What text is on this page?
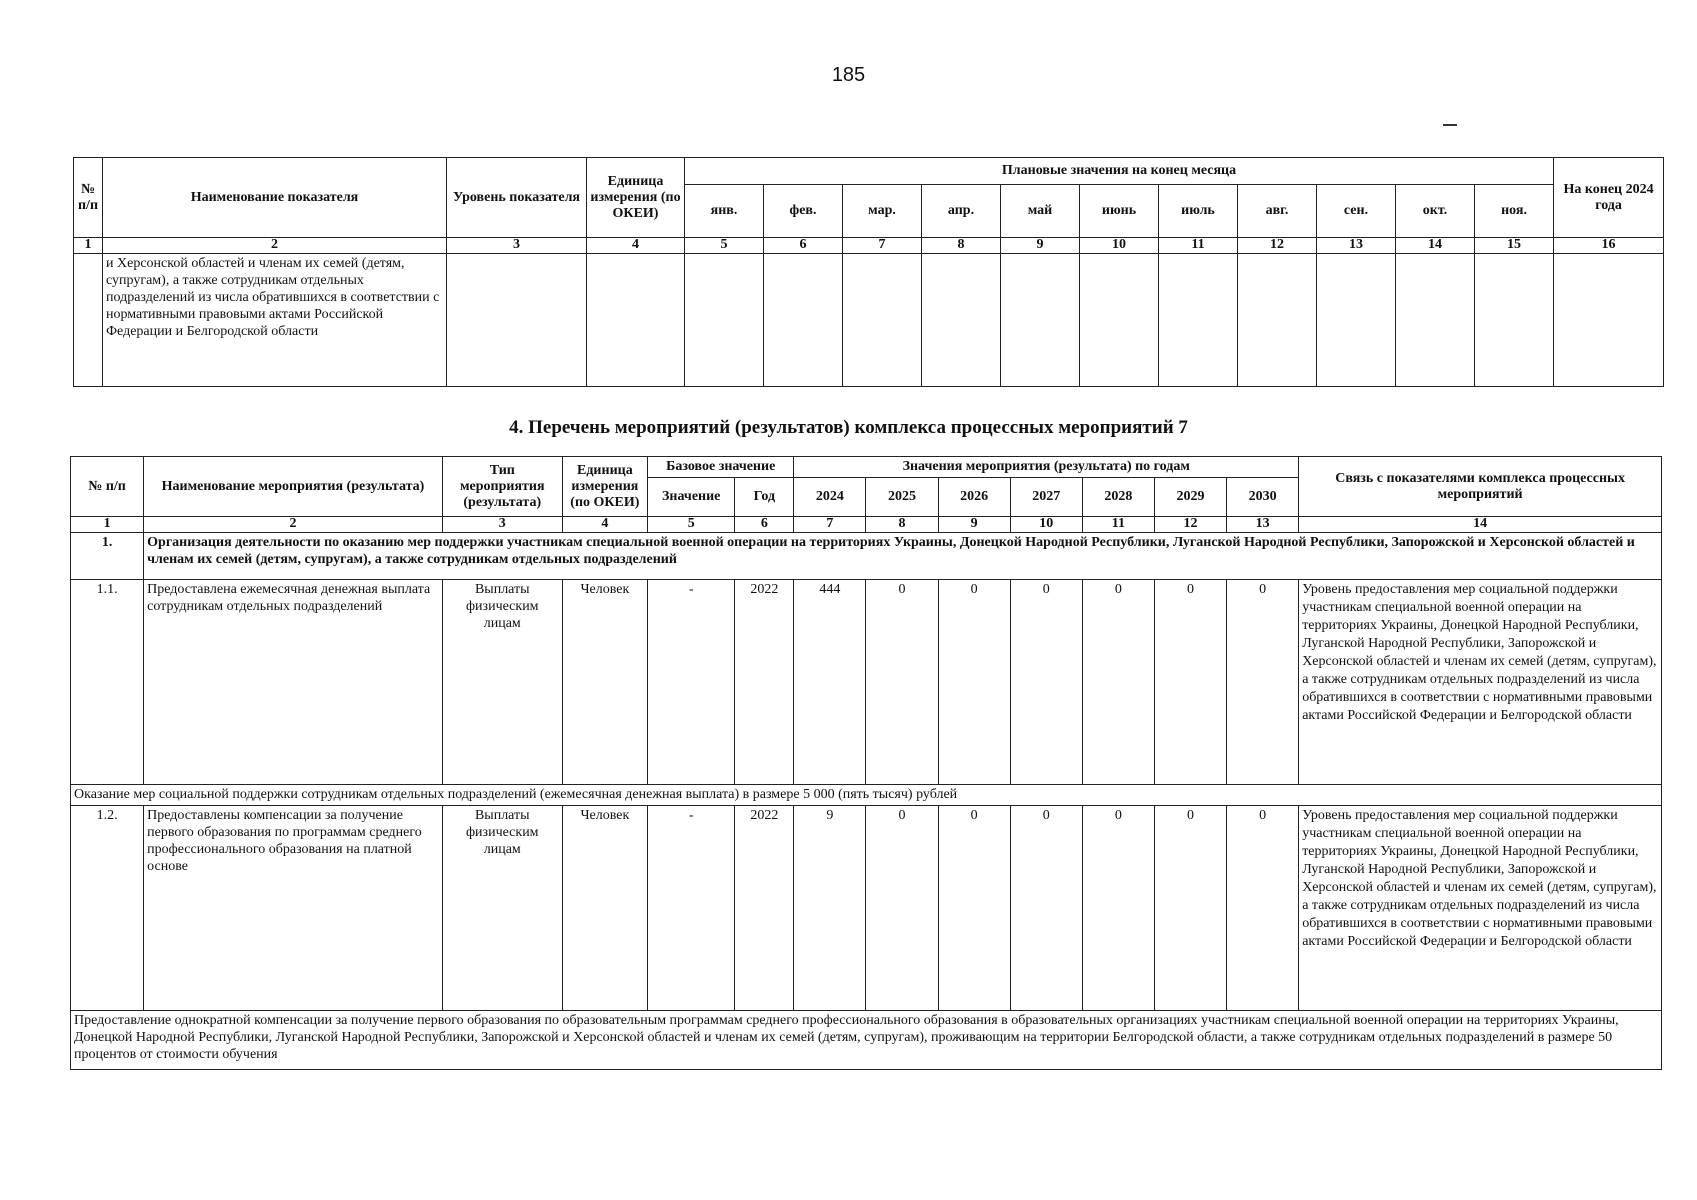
185
№ п/п	Наименование показателя	Уровень показателя	Единица измерения (по ОКЕИ)	Плановые значения на конец месяца											На конец 2024 года
				янв.	фев.	мар.	апр.	май	июнь	июль	авг.	сен.	окт.	ноя.	
1	2	3	4	5	6	7	8	9	10	11	12	13	14	15	16
	и Херсонской областей и членам их семей (детям, супругам), а также сотрудникам отдельных подразделений из числа обратившихся в соответствии с нормативными правовыми актами Российской Федерации и Белгородской области														
4. Перечень мероприятий (результатов) комплекса процессных мероприятий 7
№ п/п	Наименование мероприятия (результата)	Тип мероприятия (результата)	Единица измерения (по ОКЕИ)	Базовое значение		Значения мероприятия (результата) по годам							Связь с показателями комплекса процессных мероприятий
				Значение	Год	2024	2025	2026	2027	2028	2029	2030	
1	2	3	4	5	6	7	8	9	10	11	12	13	14
1.	Организация деятельности по оказанию мер поддержки участникам специальной военной операции на территориях Украины, Донецкой Народной Республики, Луганской Народной Республики, Запорожской и Херсонской областей и членам их семей (детям, супругам), а также сотрудникам отдельных подразделений												
1.1.	Предоставлена ежемесячная денежная выплата сотрудникам отдельных подразделений	Выплаты физическим лицам	Человек	-	2022	444	0	0	0	0	0	0	Уровень предоставления мер социальной поддержки участникам специальной военной операции на территориях Украины, Донецкой Народной Республики, Луганской Народной Республики, Запорожской и Херсонской областей и членам их семей (детям, супругам), а также сотрудникам отдельных подразделений из числа обратившихся в соответствии с нормативными правовыми актами Российской Федерации и Белгородской области
Оказание мер социальной поддержки сотрудникам отдельных подразделений (ежемесячная денежная выплата) в размере 5 000 (пять тысяч) рублей													
1.2.	Предоставлены компенсации за получение первого образования по программам среднего профессионального образования на платной основе	Выплаты физическим лицам	Человек	-	2022	9	0	0	0	0	0	0	Уровень предоставления мер социальной поддержки участникам специальной военной операции на территориях Украины, Донецкой Народной Республики, Луганской Народной Республики, Запорожской и Херсонской областей и членам их семей (детям, супругам), а также сотрудникам отдельных подразделений из числа обратившихся в соответствии с нормативными правовыми актами Российской Федерации и Белгородской области
Предоставление однократной компенсации за получение первого образования по образовательным программам среднего профессионального образования в образовательных организациях участникам специальной военной операции на территориях Украины, Донецкой Народной Республики, Луганской Народной Республики, Запорожской и Херсонской областей и членам их семей (детям, супругам), проживающим на территории Белгородской области, а также сотрудникам отдельных подразделений в размере 50 процентов от стоимости обучения													
